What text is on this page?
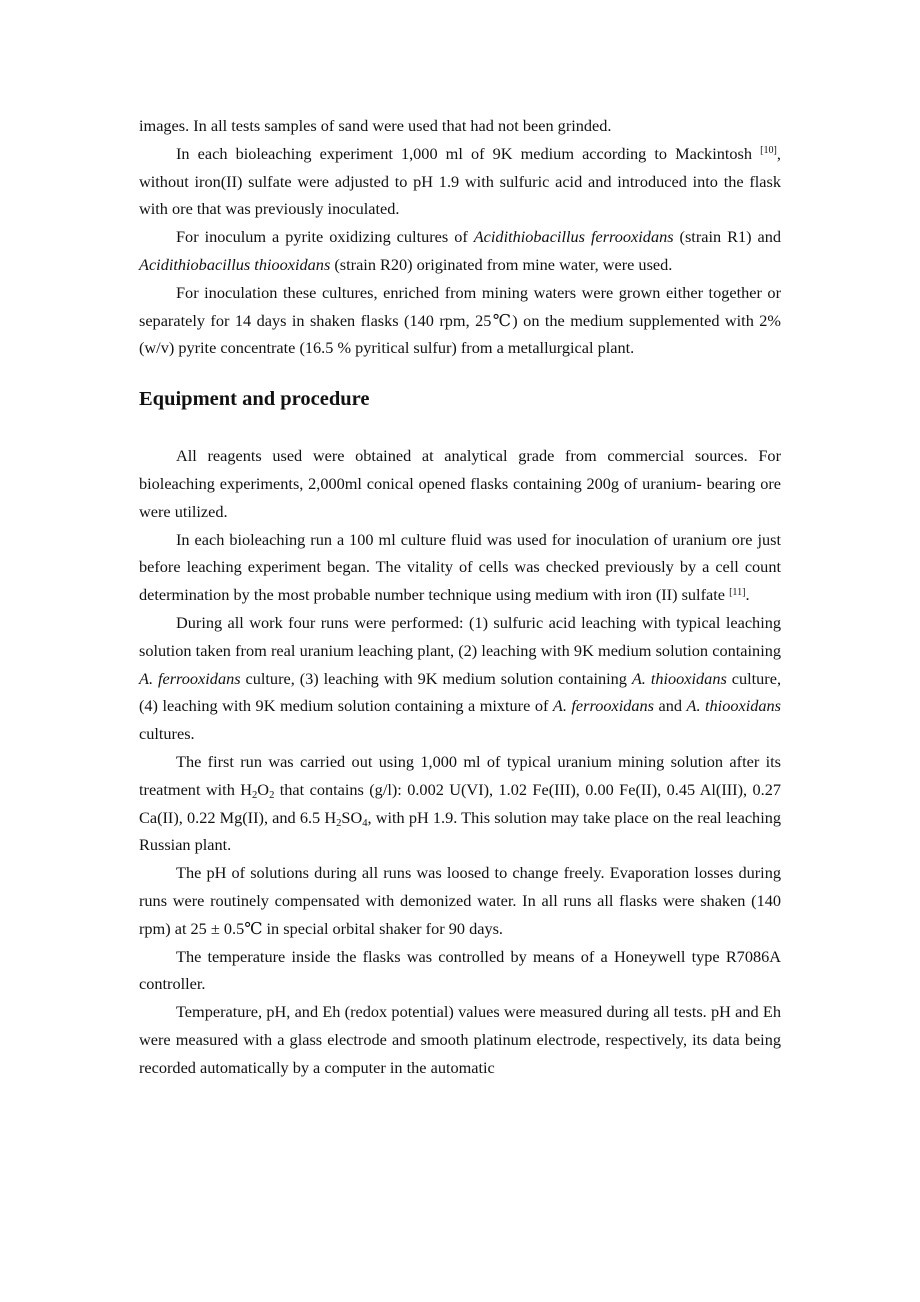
images. In all tests samples of sand were used that had not been grinded.

In each bioleaching experiment 1,000 ml of 9K medium according to Mackintosh [10], without iron(II) sulfate were adjusted to pH 1.9 with sulfuric acid and introduced into the flask with ore that was previously inoculated.

For inoculum a pyrite oxidizing cultures of Acidithiobacillus ferrooxidans (strain R1) and Acidithiobacillus thiooxidans (strain R20) originated from mine water, were used.

For inoculation these cultures, enriched from mining waters were grown either together or separately for 14 days in shaken flasks (140 rpm, 25℃) on the medium supplemented with 2% (w/v) pyrite concentrate (16.5 % pyritical sulfur) from a metallurgical plant.

Equipment and procedure

All reagents used were obtained at analytical grade from commercial sources. For bioleaching experiments, 2,000ml conical opened flasks containing 200g of uranium- bearing ore were utilized.

In each bioleaching run a 100 ml culture fluid was used for inoculation of uranium ore just before leaching experiment began. The vitality of cells was checked previously by a cell count determination by the most probable number technique using medium with iron (II) sulfate [11].

During all work four runs were performed: (1) sulfuric acid leaching with typical leaching solution taken from real uranium leaching plant, (2) leaching with 9K medium solution containing A. ferrooxidans culture, (3) leaching with 9K medium solution containing A. thiooxidans culture, (4) leaching with 9K medium solution containing a mixture of A. ferrooxidans and A. thiooxidans cultures.

The first run was carried out using 1,000 ml of typical uranium mining solution after its treatment with $H_2O_2$ that contains (g/l): 0.002 U(VI), 1.02 Fe(III), 0.00 Fe(II), 0.45 Al(III), 0.27 Ca(II), 0.22 Mg(II), and 6.5 $H_2SO_4$, with pH 1.9. This solution may take place on the real leaching Russian plant.

The pH of solutions during all runs was loosed to change freely. Evaporation losses during runs were routinely compensated with demonized water. In all runs all flasks were shaken (140 rpm) at 25 ± 0.5℃ in special orbital shaker for 90 days.

The temperature inside the flasks was controlled by means of a Honeywell type R7086A controller.

Temperature, pH, and Eh (redox potential) values were measured during all tests. pH and Eh were measured with a glass electrode and smooth platinum electrode, respectively, its data being recorded automatically by a computer in the automatic
